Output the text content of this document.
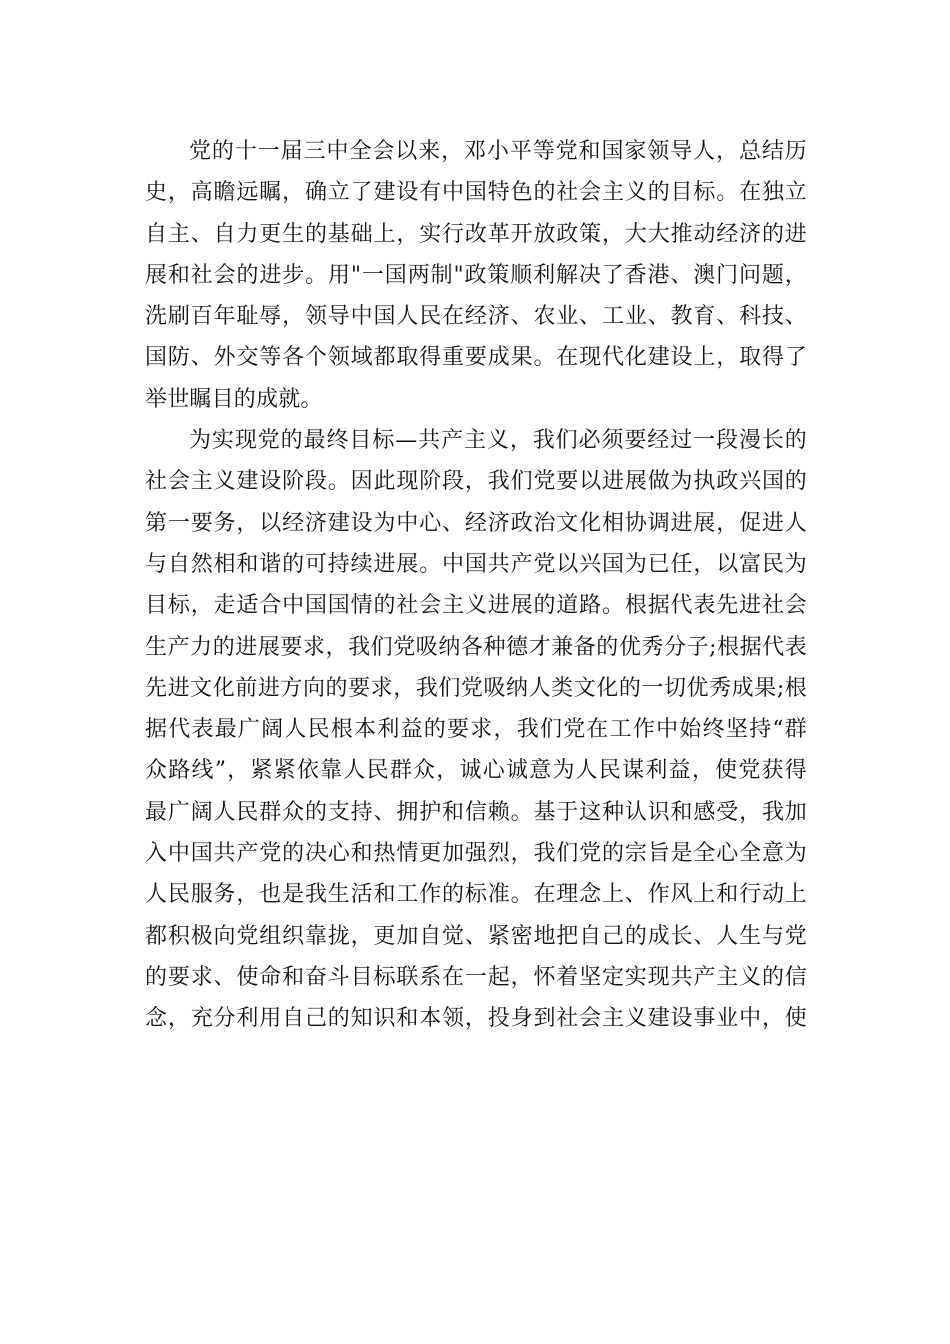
党的十一届三中全会以来，邓小平等党和国家领导人，总结历
史，高瞻远瞩，确立了建设有中国特色的社会主义的目标。在独立
自主、自力更生的基础上，实行改革开放政策，大大推动经济的进
展和社会的进步。用"一国两制"政策顺利解决了香港、澳门问题，
洗刷百年耻辱，领导中国人民在经济、农业、工业、教育、科技、
国防、外交等各个领域都取得重要成果。在现代化建设上，取得了
举世瞩目的成就。
为实现党的最终目标—共产主义，我们必须要经过一段漫长的
社会主义建设阶段。因此现阶段，我们党要以进展做为执政兴国的
第一要务，以经济建设为中心、经济政治文化相协调进展，促进人
与自然相和谐的可持续进展。中国共产党以兴国为已任，以富民为
目标，走适合中国国情的社会主义进展的道路。根据代表先进社会
生产力的进展要求，我们党吸纳各种德才兼备的优秀分子;根据代表
先进文化前进方向的要求，我们党吸纳人类文化的一切优秀成果;根
据代表最广阔人民根本利益的要求，我们党在工作中始终坚持“群
众路线”，紧紧依靠人民群众，诚心诚意为人民谋利益，使党获得
最广阔人民群众的支持、拥护和信赖。基于这种认识和感受，我加
入中国共产党的决心和热情更加强烈，我们党的宗旨是全心全意为
人民服务，也是我生活和工作的标准。在理念上、作风上和行动上
都积极向党组织靠拢，更加自觉、紧密地把自己的成长、人生与党
的要求、使命和奋斗目标联系在一起，怀着坚定实现共产主义的信
念，充分利用自己的知识和本领，投身到社会主义建设事业中，使
